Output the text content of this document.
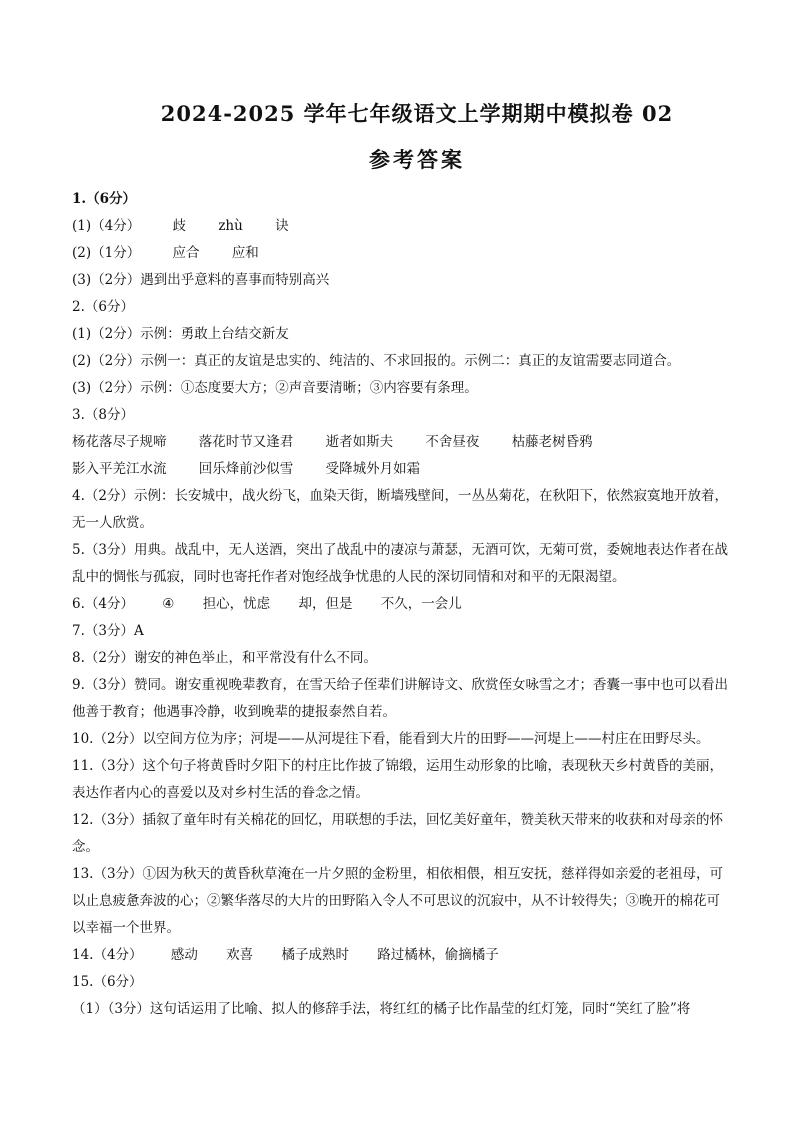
2024-2025 学年七年级语文上学期期中模拟卷 02
参考答案
1.（6分）
(1)（4分） 歧 zhù 诀
(2)（1分） 应合 应和
(3)（2分）遇到出乎意料的喜事而特别高兴
2.（6分）
(1)（2分）示例：勇敢上台结交新友
(2)（2分）示例一：真正的友谊是忠实的、纯洁的、不求回报的。示例二：真正的友谊需要志同道合。
(3)（2分）示例：①态度要大方；②声音要清晰；③内容要有条理。
3.（8分）
杨花落尽子规啼 落花时节又逢君 逝者如斯夫 不舍昼夜 枯藤老树昏鸦
影入平羌江水流 回乐烽前沙似雪 受降城外月如霜
4.（2分）示例：长安城中，战火纷飞，血染天街，断墙残壁间，一丛丛菊花，在秋阳下，依然寂寞地开放着，无一人欣赏。
5.（3分）用典。战乱中，无人送酒，突出了战乱中的凄凉与萧瑟，无酒可饮，无菊可赏，委婉地表达作者在战乱中的惆怅与孤寂，同时也寄托作者对饱经战争忧患的人民的深切同情和对和平的无限渴望。
6.（4分） ④ 担心，忧虑 却，但是 不久，一会儿
7.（3分）A
8.（2分）谢安的神色举止，和平常没有什么不同。
9.（3分）赞同。谢安重视晚辈教育，在雪天给子侄辈们讲解诗文、欣赏侄女咏雪之才；香囊一事中也可以看出他善于教育；他遇事冷静，收到晚辈的捷报泰然自若。
10.（2分）以空间方位为序；河堤——从河堤往下看，能看到大片的田野——河堤上——村庄在田野尽头。
11.（3分）这个句子将黄昏时夕阳下的村庄比作披了锦缎，运用生动形象的比喻，表现秋天乡村黄昏的美丽，表达作者内心的喜爱以及对乡村生活的眷念之情。
12.（3分）插叙了童年时有关棉花的回忆，用联想的手法，回忆美好童年，赞美秋天带来的收获和对母亲的怀念。
13.（3分）①因为秋天的黄昏秋草淹在一片夕照的金粉里，相依相偎，相互安抚，慈祥得如亲爱的老祖母，可以止息疲惫奔波的心；②繁华落尽的大片的田野陷入令人不可思议的沉寂中，从不计较得失；③晚开的棉花可以幸福一个世界。
14.（4分） 感动 欢喜 橘子成熟时 路过橘林，偷摘橘子
15.（6分）
（1）（3分）这句话运用了比喻、拟人的修辞手法，将红红的橘子比作晶莹的红灯笼，同时“笑红了脸”将
